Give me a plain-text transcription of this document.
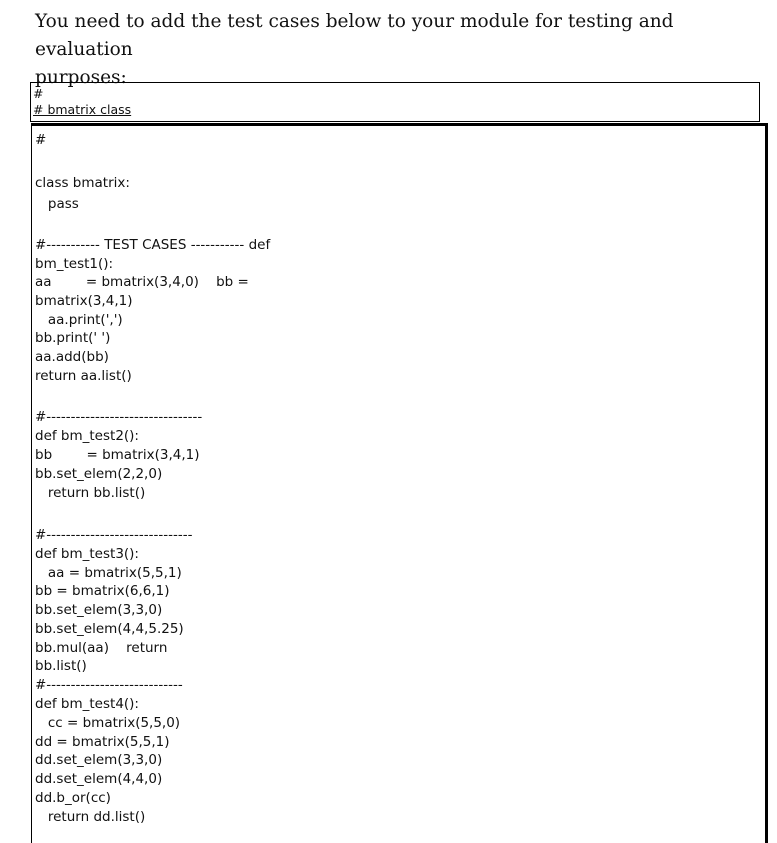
You need to add the test cases below to your module for testing and evaluation
purposes:

#

# bmatrix class

#

class bmatrix:

pass

#----------- TEST CASES ----------- def

bm_test1():

aa        = bmatrix(3,4,0)    bb =

bmatrix(3,4,1)

aa.print(',')

bb.print(' ')

aa.add(bb)

return aa.list()

#--------------------------------

def bm_test2():

bb        = bmatrix(3,4,1)

bb.set_elem(2,2,0)

return bb.list()

#------------------------------

def bm_test3():

aa = bmatrix(5,5,1)

bb = bmatrix(6,6,1)

bb.set_elem(3,3,0)

bb.set_elem(4,4,5.25)

bb.mul(aa)    return

bb.list()

#----------------------------

def bm_test4():

cc = bmatrix(5,5,0)

dd = bmatrix(5,5,1)

dd.set_elem(3,3,0)

dd.set_elem(4,4,0)

dd.b_or(cc)

return dd.list()
